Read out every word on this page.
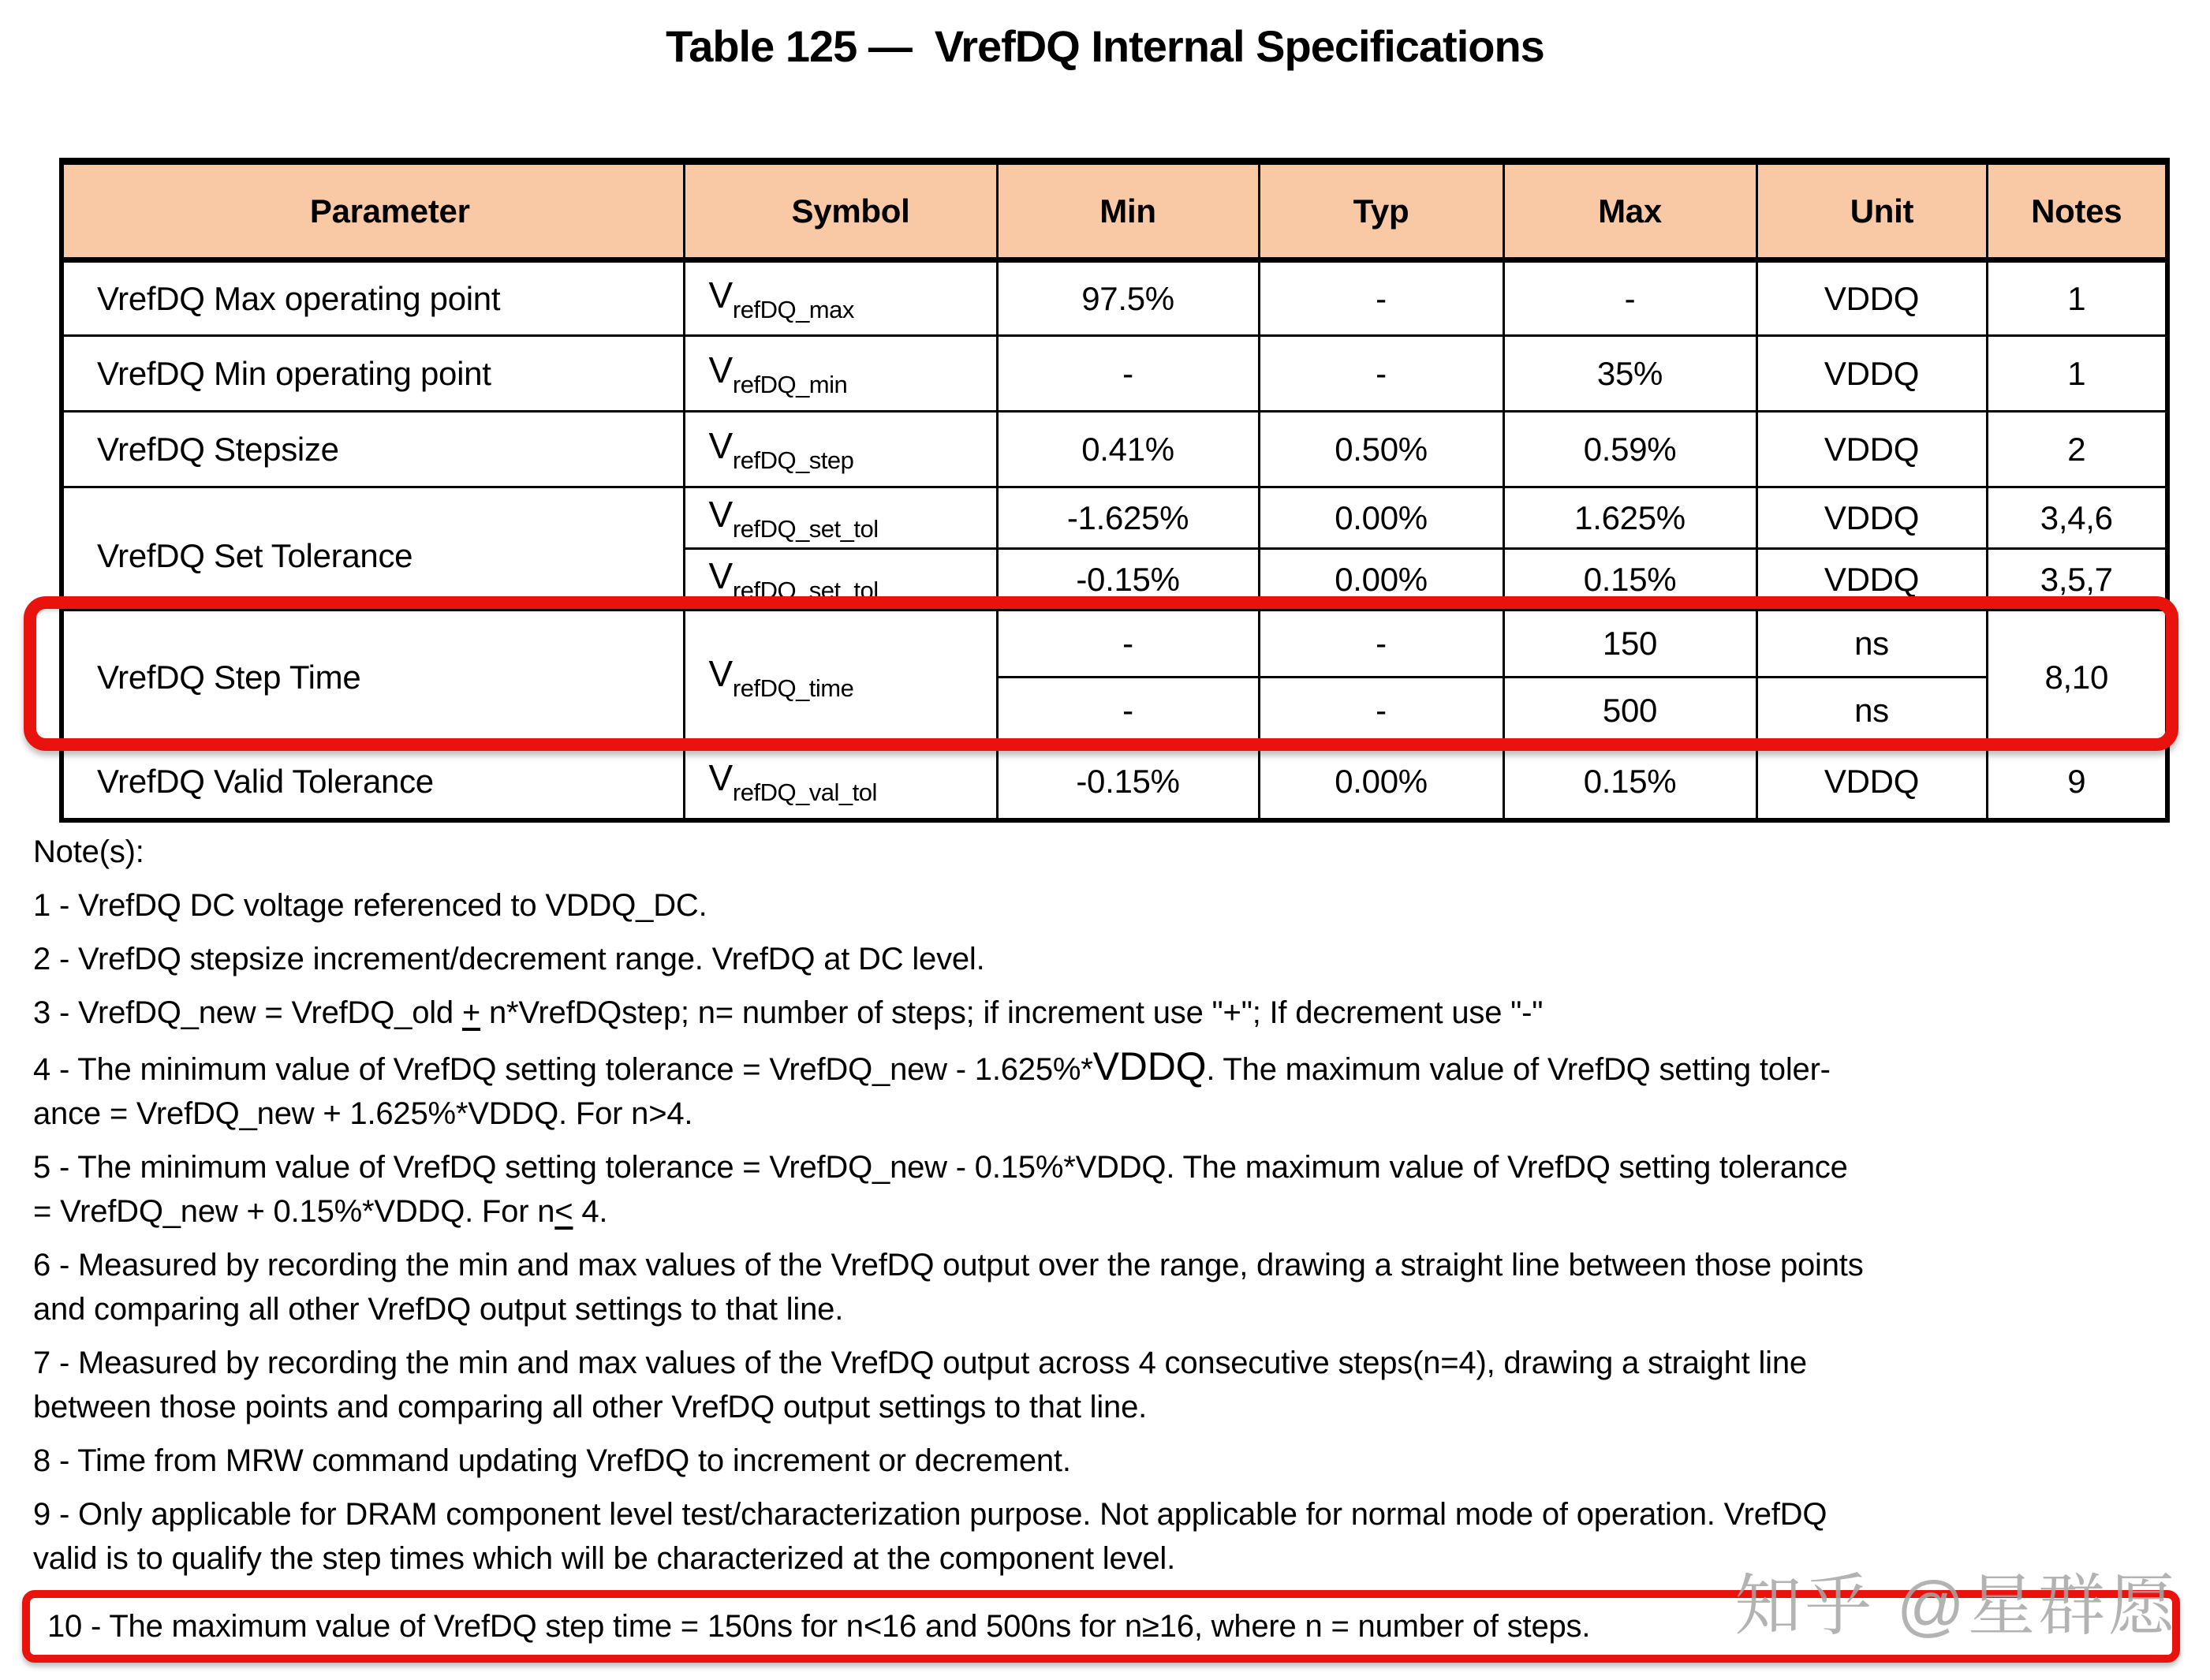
Table 125 —  VrefDQ Internal Specifications
Parameter	Symbol	Min	Typ	Max	Unit	Notes
VrefDQ Max operating point	$V_{refDQ\_max}$	97.5%	-	-	VDDQ	1
VrefDQ Min operating point	$V_{refDQ\_min}$	-	-	35%	VDDQ	1
VrefDQ Stepsize	$V_{refDQ\_step}$	0.41%	0.50%	0.59%	VDDQ	2
VrefDQ Set Tolerance	$V_{refDQ\_set\_tol}$	-1.625%	0.00%	1.625%	VDDQ	3,4,6
	$V_{refDQ\_set\_tol}$	-0.15%	0.00%	0.15%	VDDQ	3,5,7
VrefDQ Step Time	$V_{refDQ\_time}$	-	-	150	ns	8,10
		-	-	500	ns	
VrefDQ Valid Tolerance	$V_{refDQ\_val\_tol}$	-0.15%	0.00%	0.15%	VDDQ	9
Note(s):
1 - VrefDQ DC voltage referenced to VDDQ_DC.
2 - VrefDQ stepsize increment/decrement range. VrefDQ at DC level.
3 - VrefDQ_new = VrefDQ_old + n*VrefDQstep; n= number of steps; if increment use "+"; If decrement use "-"
4 - The minimum value of VrefDQ setting tolerance = VrefDQ_new - 1.625%*VDDQ. The maximum value of VrefDQ setting toler-
ance = VrefDQ_new + 1.625%*VDDQ. For n>4.
5 - The minimum value of VrefDQ setting tolerance = VrefDQ_new - 0.15%*VDDQ. The maximum value of VrefDQ setting tolerance
= VrefDQ_new + 0.15%*VDDQ. For n< 4.
6 - Measured by recording the min and max values of the VrefDQ output over the range, drawing a straight line between those points
and comparing all other VrefDQ output settings to that line.
7 - Measured by recording the min and max values of the VrefDQ output across 4 consecutive steps(n=4), drawing a straight line
between those points and comparing all other VrefDQ output settings to that line.
8 - Time from MRW command updating VrefDQ to increment or decrement.
9 - Only applicable for DRAM component level test/characterization purpose. Not applicable for normal mode of operation. VrefDQ
valid is to qualify the step times which will be characterized at the component level.
10 - The maximum value of VrefDQ step time = 150ns for n<16 and 500ns for n≥16, where n = number of steps.	知乎 @星群愿
